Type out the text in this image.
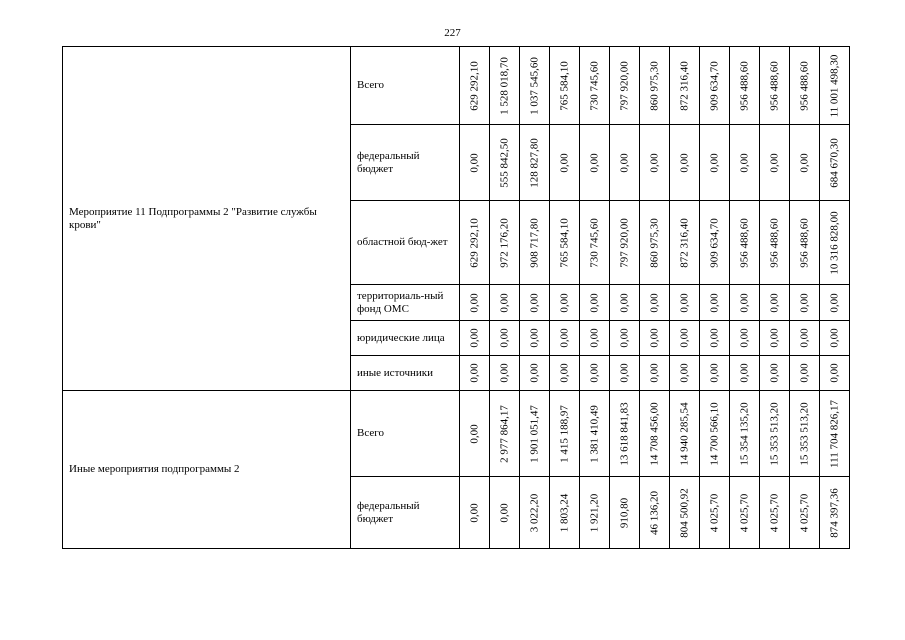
227
Мероприятие 11 Подпрограммы 2 "Развитие службы крови"	Всего	629 292,10	1 528 018,70	1 037 545,60	765 584,10	730 745,60	797 920,00	860 975,30	872 316,40	909 634,70	956 488,60	956 488,60	956 488,60	11 001 498,30

	федеральный бюджет	0,00	555 842,50	128 827,80	0,00	0,00	0,00	0,00	0,00	0,00	0,00	0,00	0,00	684 670,30

	областной бюд-жет	629 292,10	972 176,20	908 717,80	765 584,10	730 745,60	797 920,00	860 975,30	872 316,40	909 634,70	956 488,60	956 488,60	956 488,60	10 316 828,00

	территориаль-ный фонд ОМС	0,00	0,00	0,00	0,00	0,00	0,00	0,00	0,00	0,00	0,00	0,00	0,00	0,00

	юридические лица	0,00	0,00	0,00	0,00	0,00	0,00	0,00	0,00	0,00	0,00	0,00	0,00	0,00

	иные источники	0,00	0,00	0,00	0,00	0,00	0,00	0,00	0,00	0,00	0,00	0,00	0,00	0,00

Иные мероприятия подпрограммы 2	Всего	0,00	2 977 864,17	1 901 051,47	1 415 188,97	1 381 410,49	13 618 841,83	14 708 456,00	14 940 285,54	14 700 566,10	15 354 135,20	15 353 513,20	15 353 513,20	111 704 826,17

	федеральный бюджет	0,00	0,00	3 022,20	1 803,24	1 921,20	910,80	46 136,20	804 500,92	4 025,70	4 025,70	4 025,70	4 025,70	874 397,36
